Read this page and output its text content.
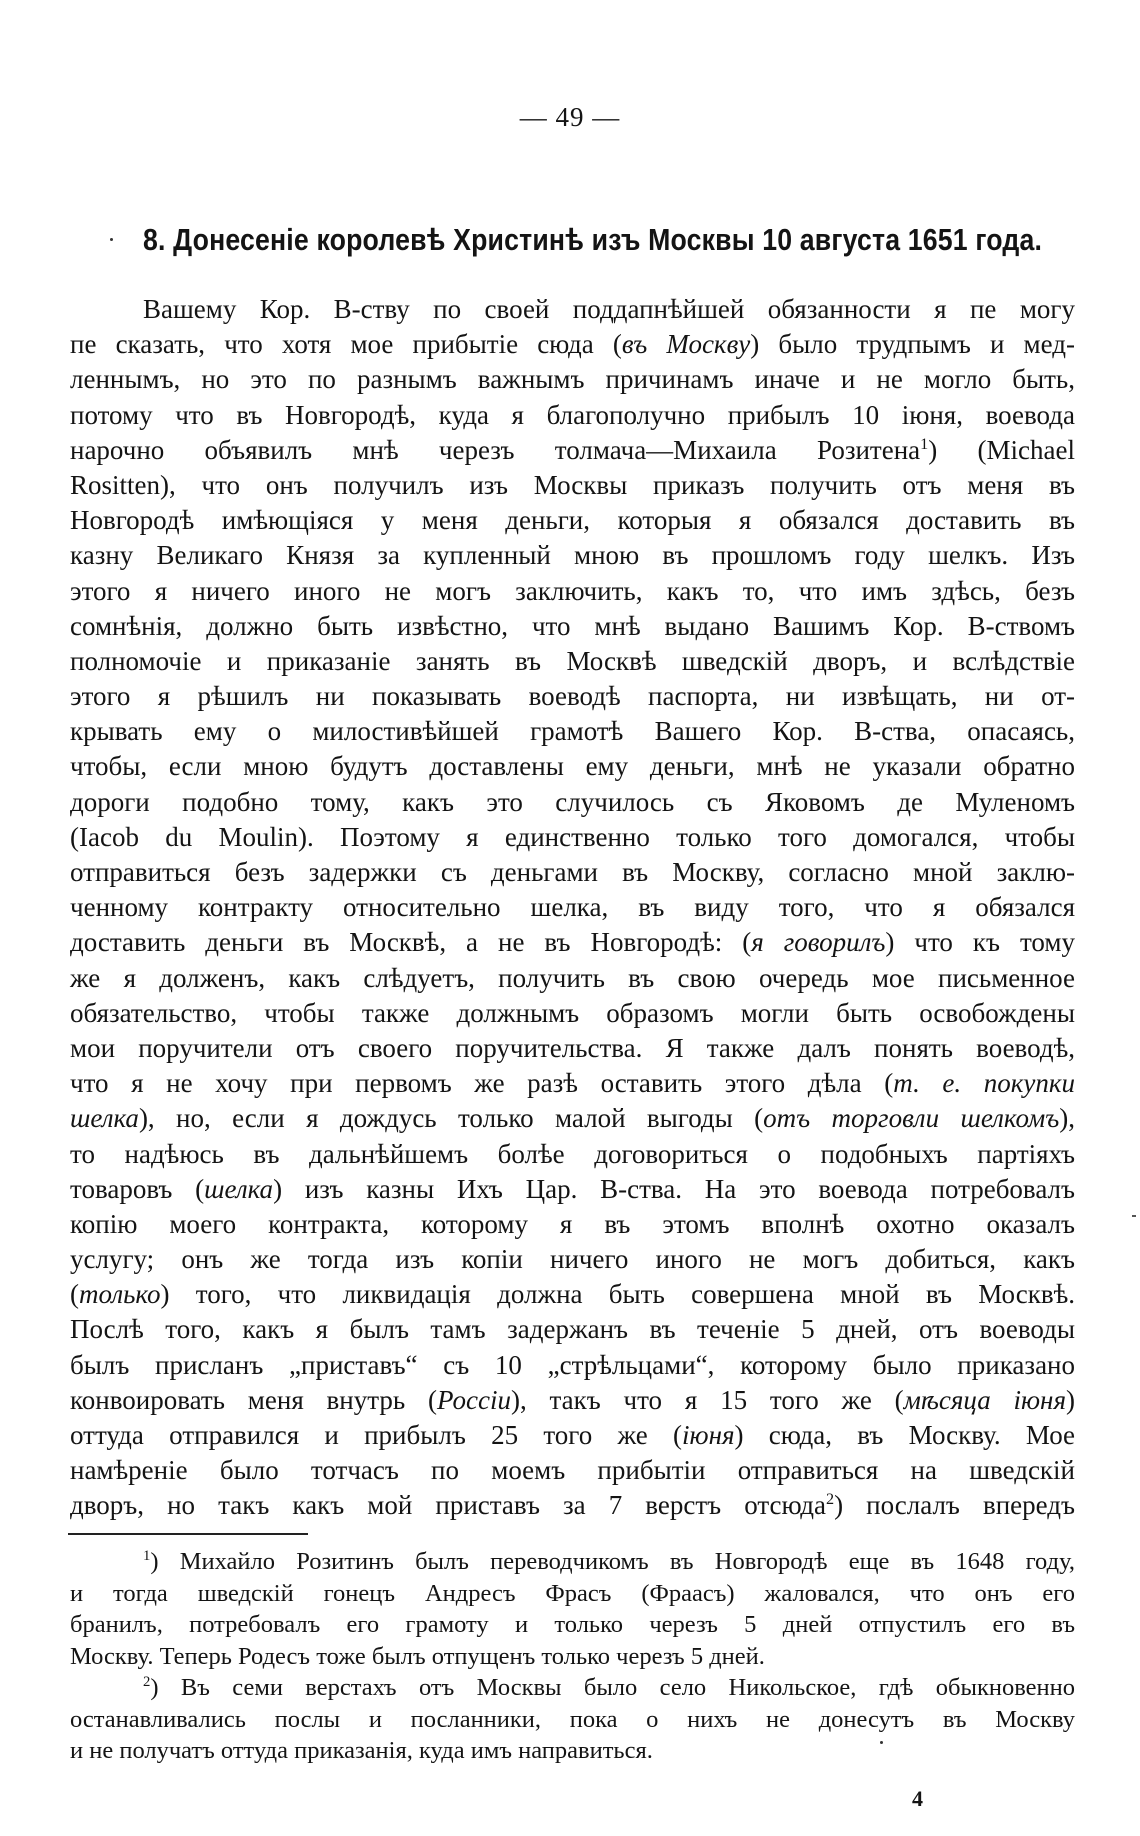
— 49 —
8. Донесеніе королевѣ Христинѣ изъ Москвы 10 августа 1651 года.
Вашему Кор. В-ству по своей поддапнѣйшей обязанности я пе могу
пе сказать, что хотя мое прибытіе сюда (въ Москву) было трудпымъ и мед-
леннымъ, но это по разнымъ важнымъ причинамъ иначе и не могло быть,
потому что въ Новгородѣ, куда я благополучно прибылъ 10 іюня, воевода
нарочно объявилъ мнѣ черезъ толмача—Михаила Розитена$^1$) (Michael
Rositten), что онъ получилъ изъ Москвы приказъ получить отъ меня въ
Новгородѣ имѣющіяся у меня деньги, которыя я обязался доставить въ
казну Великаго Князя за купленный мною въ прошломъ году шелкъ. Изъ
этого я ничего иного не могъ заключить, какъ то, что имъ здѣсь, безъ
сомнѣнія, должно быть извѣстно, что мнѣ выдано Вашимъ Кор. В-ствомъ
полномочіе и приказаніе занять въ Москвѣ шведскій дворъ, и вслѣдствіе
этого я рѣшилъ ни показывать воеводѣ паспорта, ни извѣщать, ни от-
крывать ему о милостивѣйшей грамотѣ Вашего Кор. В-ства, опасаясь,
чтобы, если мною будутъ доставлены ему деньги, мнѣ не указали обратно
дороги подобно тому, какъ это случилось съ Яковомъ де Муленомъ
(Iacob du Moulin). Поэтому я единственно только того домогался, чтобы
отправиться безъ задержки съ деньгами въ Москву, согласно мной заклю-
ченному контракту относительно шелка, въ виду того, что я обязался
доставить деньги въ Москвѣ, а не въ Новгородѣ: (я говорилъ) что къ тому
же я долженъ, какъ слѣдуетъ, получить въ свою очередь мое письменное
обязательство, чтобы также должнымъ образомъ могли быть освобождены
мои поручители отъ своего поручительства. Я также далъ понять воеводѣ,
что я не хочу при первомъ же разѣ оставить этого дѣла (т. е. покупки
шелка), но, если я дождусь только малой выгоды (отъ торговли шелкомъ),
то надѣюсь въ дальнѣйшемъ болѣе договориться о подобныхъ партіяхъ
товаровъ (шелка) изъ казны Ихъ Цар. В-ства. На это воевода потребовалъ
копію моего контракта, которому я въ этомъ вполнѣ охотно оказалъ
услугу; онъ же тогда изъ копіи ничего иного не могъ добиться, какъ
(только) того, что ликвидація должна быть совершена мной въ Москвѣ.
Послѣ того, какъ я былъ тамъ задержанъ въ теченіе 5 дней, отъ воеводы
былъ присланъ „приставъ“ съ 10 „стрѣльцами“, которому было приказано
конвоировать меня внутрь (Россіи), такъ что я 15 того же (мѣсяца іюня)
оттуда отправился и прибылъ 25 того же (іюня) сюда, въ Москву. Мое
намѣреніе было тотчасъ по моемъ прибытіи отправиться на шведскій
дворъ, но такъ какъ мой приставъ за 7 верстъ отсюда$^2$) послалъ впередъ
$^1$) Михайло Розитинъ былъ переводчикомъ въ Новгородѣ еще въ 1648 году,
и тогда шведскій гонецъ Андресъ Фрасъ (Фраасъ) жаловался, что онъ его
бранилъ, потребовалъ его грамоту и только черезъ 5 дней отпустилъ его въ
Москву. Теперь Родесъ тоже былъ отпущенъ только черезъ 5 дней.
$^2$) Въ семи верстахъ отъ Москвы было село Никольское, гдѣ обыкновенно
останавливались послы и посланники, пока о нихъ не донесутъ въ Москву
и не получатъ оттуда приказанія, куда имъ направиться.
4
